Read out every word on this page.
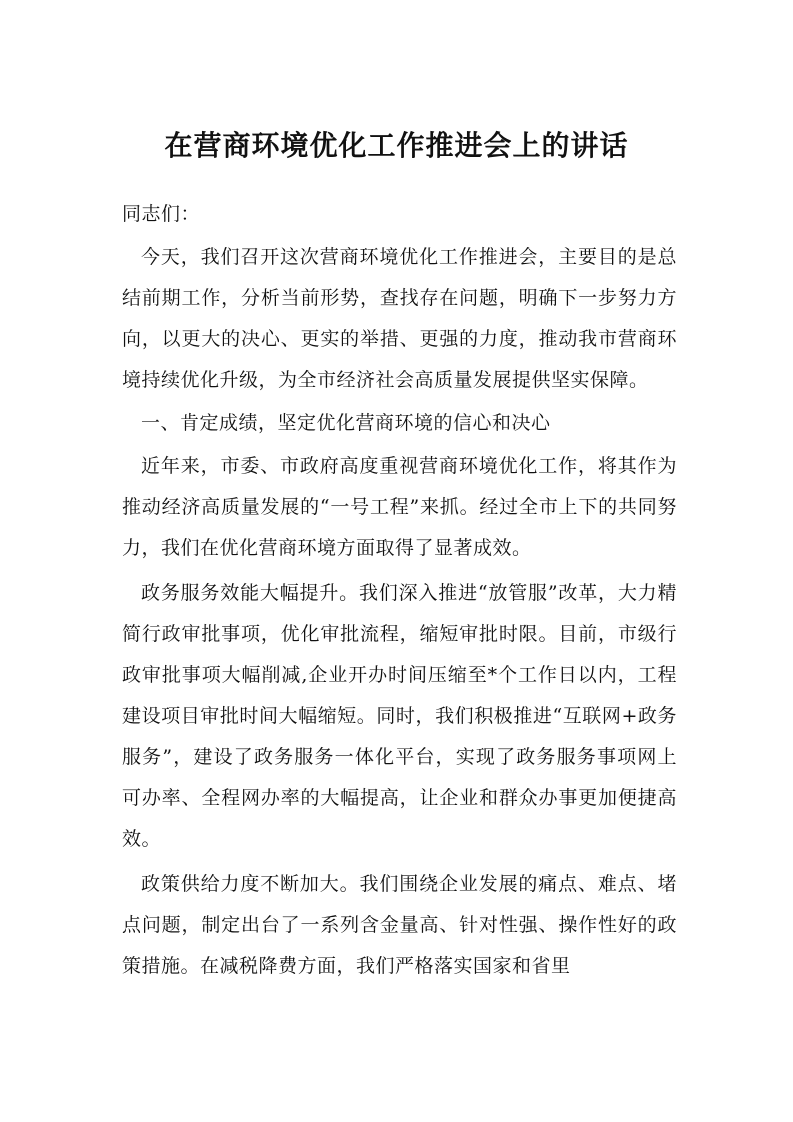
在营商环境优化工作推进会上的讲话

同志们：

今天，我们召开这次营商环境优化工作推进会，主要目的是总结前期工作，分析当前形势，查找存在问题，明确下一步努力方向，以更大的决心、更实的举措、更强的力度，推动我市营商环境持续优化升级，为全市经济社会高质量发展提供坚实保障。

一、肯定成绩，坚定优化营商环境的信心和决心

近年来，市委、市政府高度重视营商环境优化工作，将其作为推动经济高质量发展的“一号工程”来抓。经过全市上下的共同努力，我们在优化营商环境方面取得了显著成效。

政务服务效能大幅提升。我们深入推进“放管服”改革，大力精简行政审批事项，优化审批流程，缩短审批时限。目前，市级行政审批事项大幅削减,企业开办时间压缩至*个工作日以内，工程建设项目审批时间大幅缩短。同时，我们积极推进“互联网+政务服务”，建设了政务服务一体化平台，实现了政务服务事项网上可办率、全程网办率的大幅提高，让企业和群众办事更加便捷高效。

政策供给力度不断加大。我们围绕企业发展的痛点、难点、堵点问题，制定出台了一系列含金量高、针对性强、操作性好的政策措施。在减税降费方面，我们严格落实国家和省里
